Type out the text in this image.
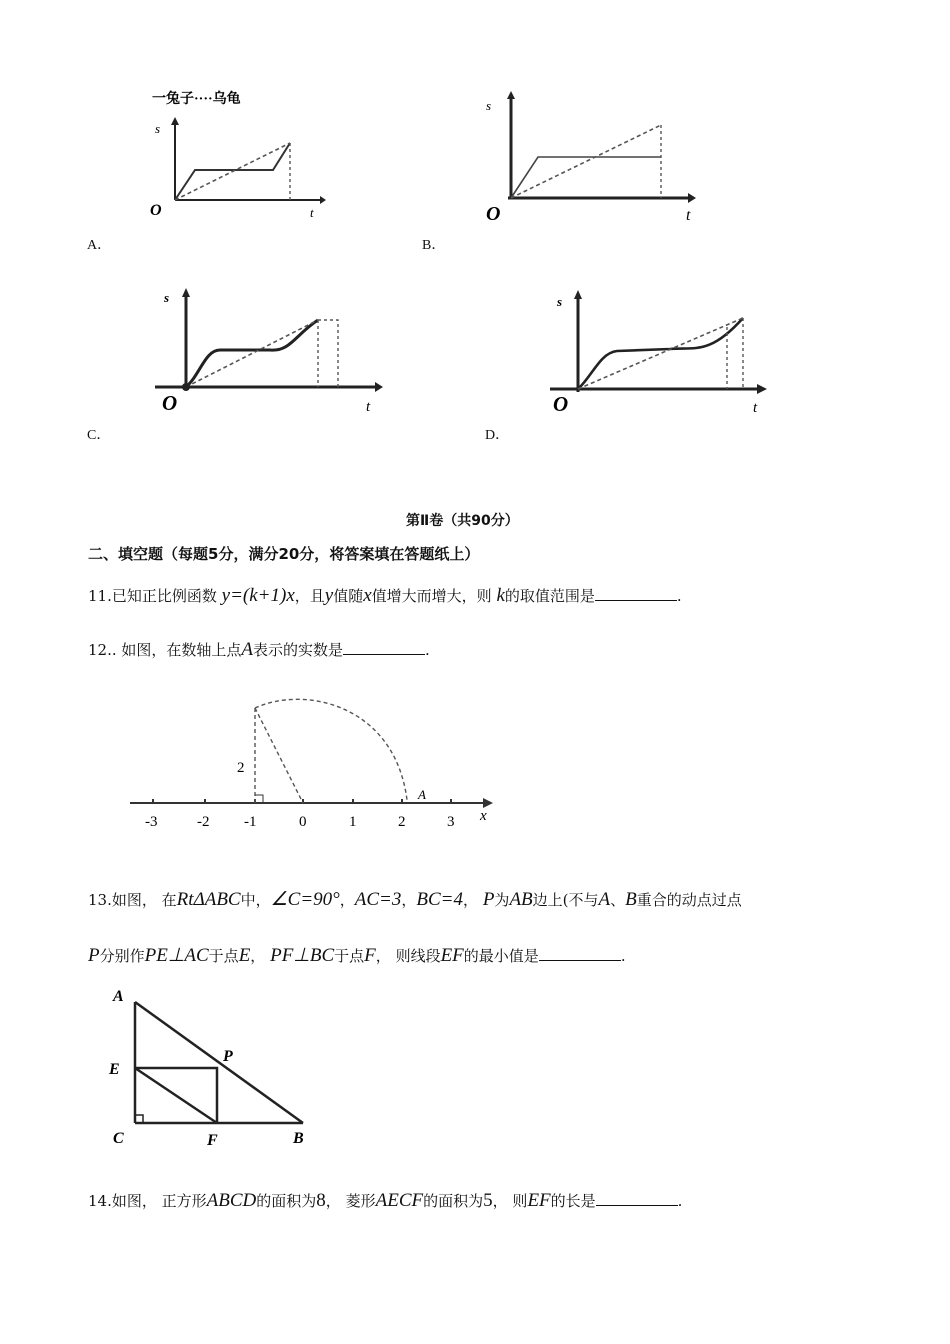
一兔子····乌龟
s
O	t
A．
s
O	t
B．
s
O	t
C．
s
O	t
D．
第Ⅱ卷（共90分）
二、填空题（每题5分，满分20分，将答案填在答题纸上）
11.已知正比例函数 y=(k+1)x，且y值随x值增大而增大，则 k的取值范围是	.
12.. 如图，在数轴上点A表示的实数是	.
2
A
x
-3	-2 -1	0	1	2	3
13.如图， 在RtΔABC中，∠C=90°，AC=3，BC=4， P为AB边上(不与A、B重合的动点过点
P分别作PE⊥AC于点E， PF⊥BC于点F， 则线段EF的最小值是	.
A
E
P
C	F	B
14.如图， 正方形ABCD的面积为8， 菱形AECF的面积为5， 则EF的长是	.
